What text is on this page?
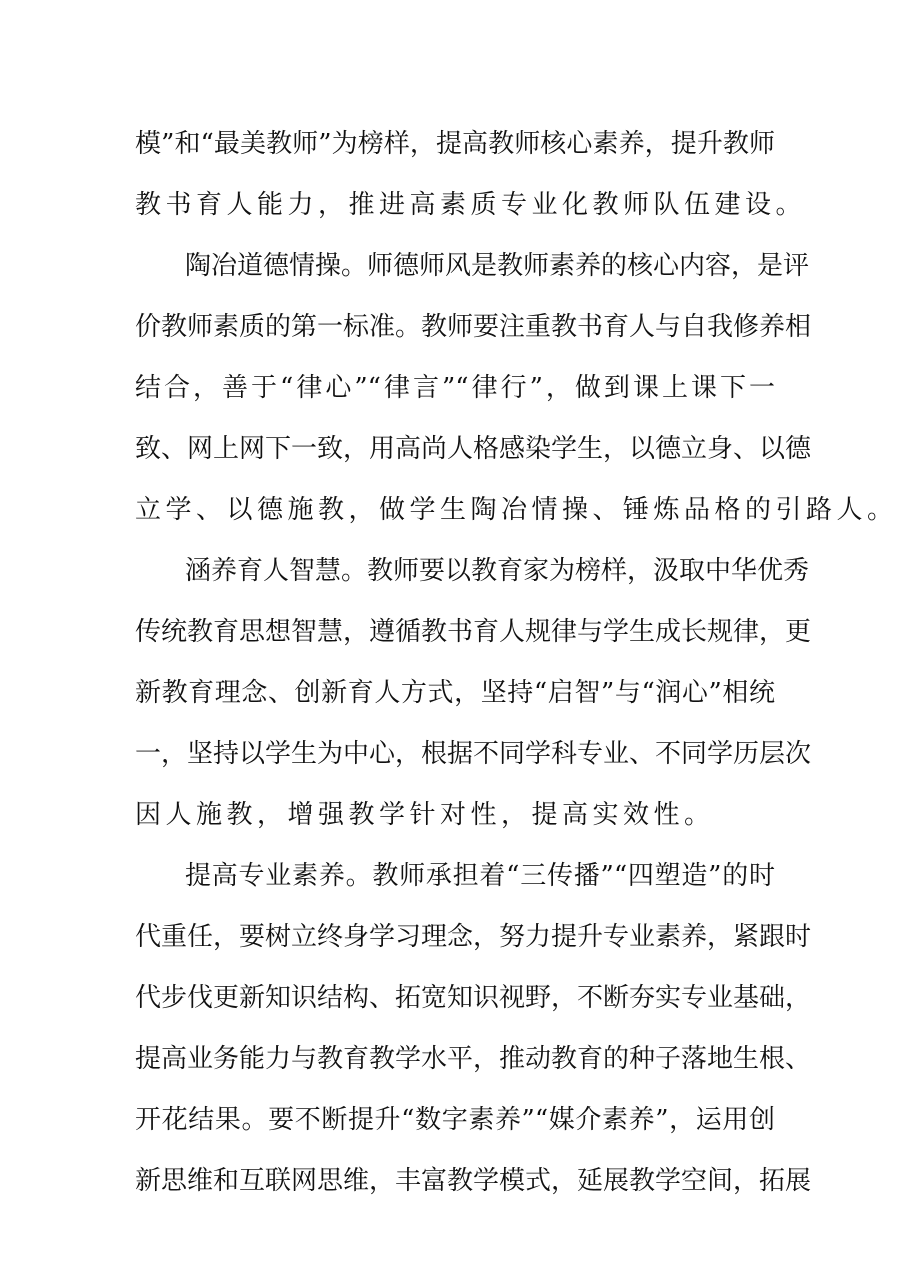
模”和“最美教师”为榜样，提高教师核心素养，提升教师
教书育人能力，推进高素质专业化教师队伍建设。
陶冶道德情操。师德师风是教师素养的核心内容，是评
价教师素质的第一标准。教师要注重教书育人与自我修养相
结合，善于“律心”“律言”“律行”，做到课上课下一
致、网上网下一致，用高尚人格感染学生，以德立身、以德
立学、以德施教，做学生陶冶情操、锤炼品格的引路人。
涵养育人智慧。教师要以教育家为榜样，汲取中华优秀
传统教育思想智慧，遵循教书育人规律与学生成长规律，更
新教育理念、创新育人方式，坚持“启智”与“润心”相统
一，坚持以学生为中心，根据不同学科专业、不同学历层次
因人施教，增强教学针对性，提高实效性。
提高专业素养。教师承担着“三传播”“四塑造”的时
代重任，要树立终身学习理念，努力提升专业素养，紧跟时
代步伐更新知识结构、拓宽知识视野，不断夯实专业基础，
提高业务能力与教育教学水平，推动教育的种子落地生根、
开花结果。要不断提升“数字素养”“媒介素养”，运用创
新思维和互联网思维，丰富教学模式，延展教学空间，拓展
